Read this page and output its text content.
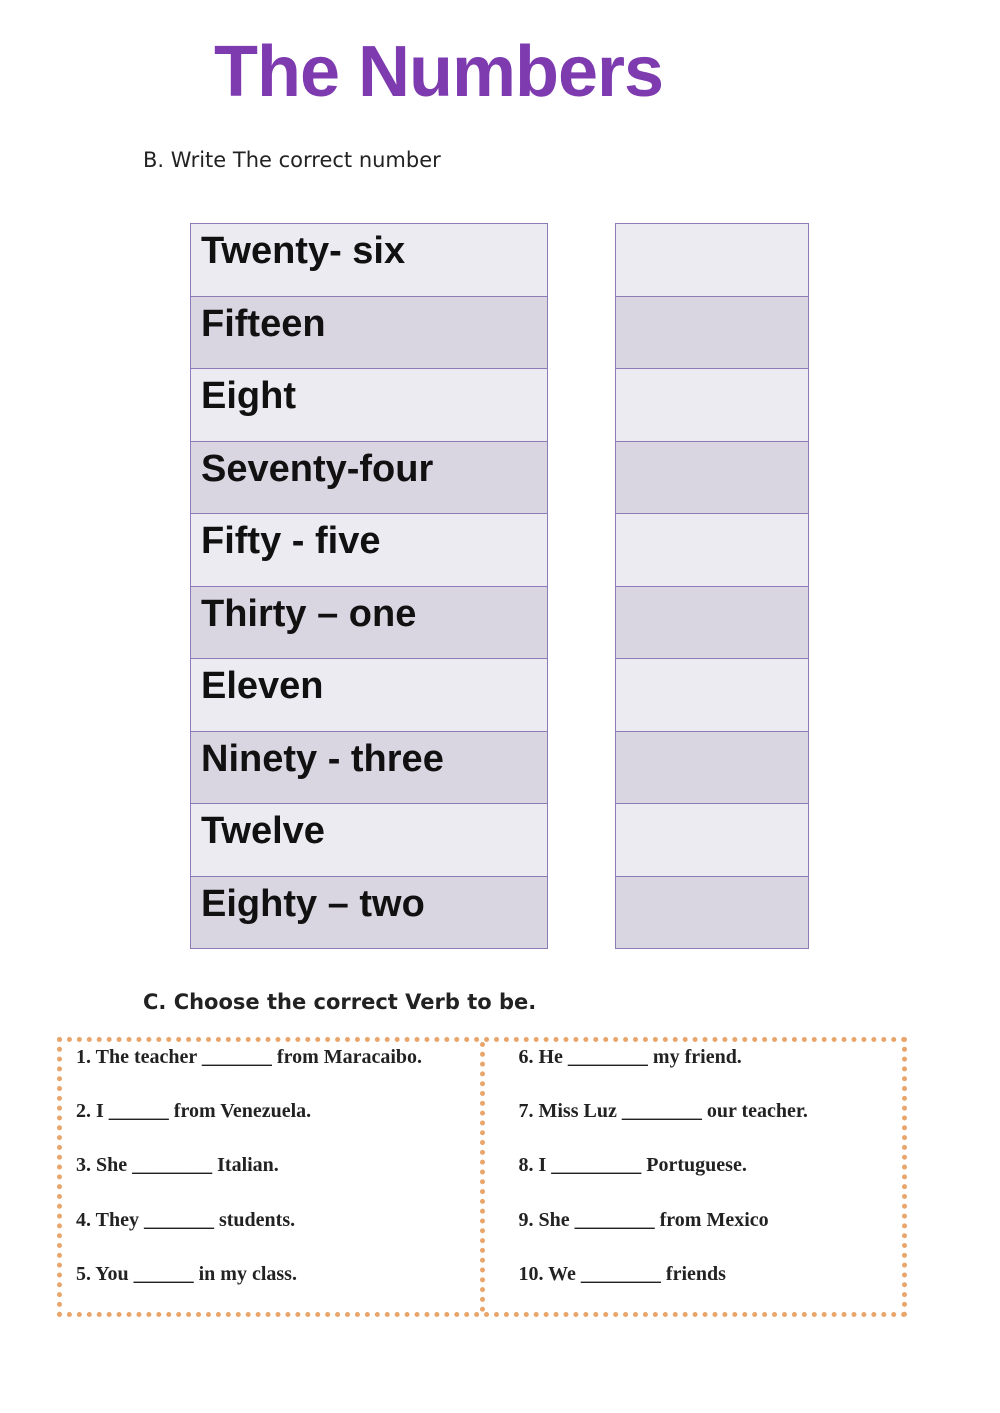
The Numbers
B. Write The correct number
Twenty- six
Fifteen
Eight
Seventy-four
Fifty - five
Thirty – one
Eleven
Ninety - three
Twelve
Eighty – two

C. Choose the correct Verb to be.
1. The teacher _______ from Maracaibo.
2. I ______ from Venezuela.
3. She ________ Italian.
4. They _______ students.
5. You ______ in my class.
6. He ________ my friend.
7. Miss Luz ________ our teacher.
8. I _________ Portuguese.
9. She ________ from Mexico
10. We ________ friends
